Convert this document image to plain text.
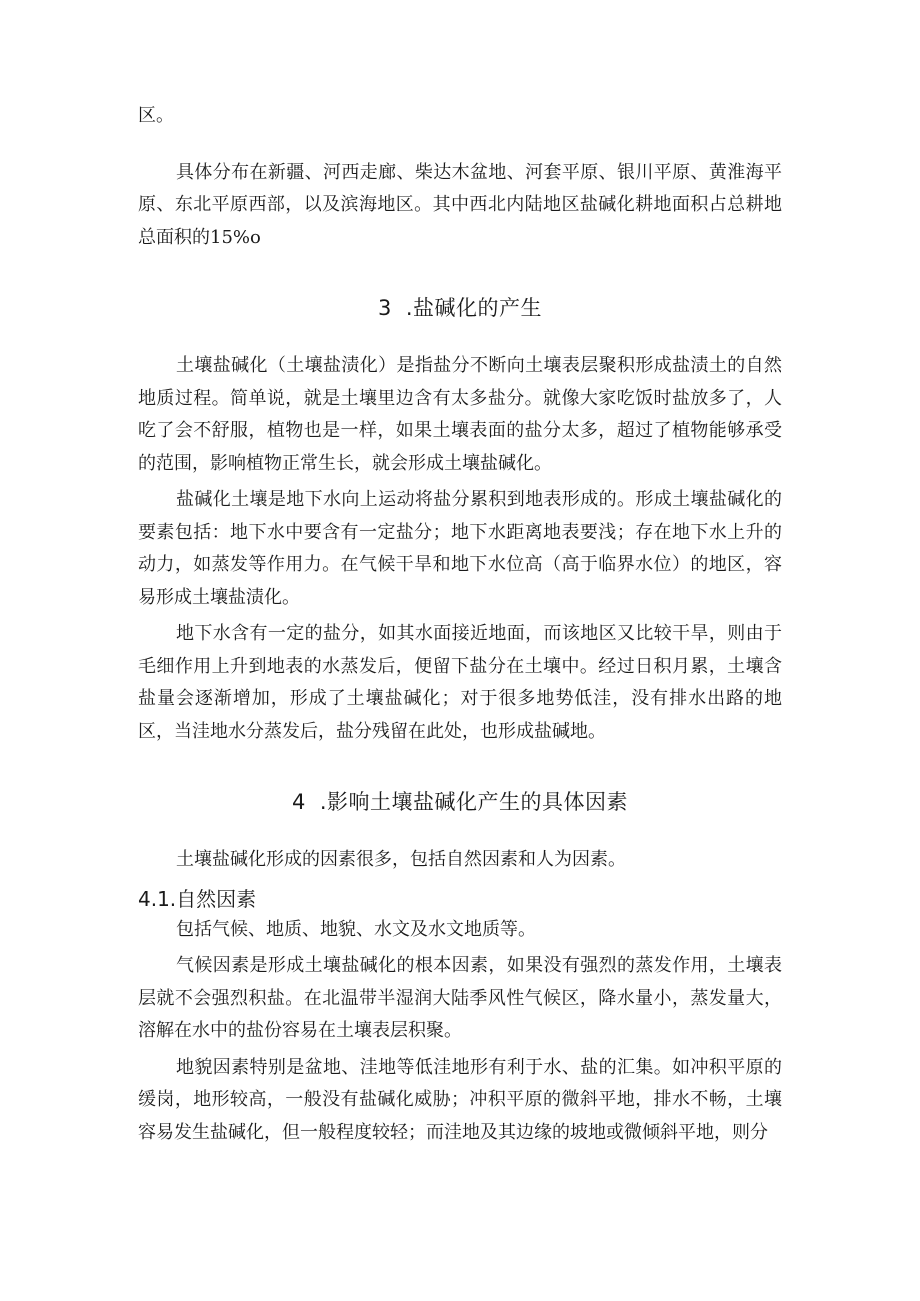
区。

具体分布在新疆、河西走廊、柴达木盆地、河套平原、银川平原、黄淮海平原、东北平原西部，以及滨海地区。其中西北内陆地区盐碱化耕地面积占总耕地总面积的15%o

3 .盐碱化的产生

土壤盐碱化（土壤盐渍化）是指盐分不断向土壤表层聚积形成盐渍土的自然地质过程。简单说，就是土壤里边含有太多盐分。就像大家吃饭时盐放多了，人吃了会不舒服，植物也是一样，如果土壤表面的盐分太多，超过了植物能够承受的范围，影响植物正常生长，就会形成土壤盐碱化。

盐碱化土壤是地下水向上运动将盐分累积到地表形成的。形成土壤盐碱化的要素包括：地下水中要含有一定盐分；地下水距离地表要浅；存在地下水上升的动力，如蒸发等作用力。在气候干旱和地下水位高（高于临界水位）的地区，容易形成土壤盐渍化。

地下水含有一定的盐分，如其水面接近地面，而该地区又比较干旱，则由于毛细作用上升到地表的水蒸发后，便留下盐分在土壤中。经过日积月累，土壤含盐量会逐渐增加，形成了土壤盐碱化；对于很多地势低洼，没有排水出路的地区，当洼地水分蒸发后，盐分残留在此处，也形成盐碱地。

4 .影响土壤盐碱化产生的具体因素

土壤盐碱化形成的因素很多，包括自然因素和人为因素。

4.1.自然因素

包括气候、地质、地貌、水文及水文地质等。

气候因素是形成土壤盐碱化的根本因素，如果没有强烈的蒸发作用，土壤表层就不会强烈积盐。在北温带半湿润大陆季风性气候区，降水量小，蒸发量大，溶解在水中的盐份容易在土壤表层积聚。

地貌因素特别是盆地、洼地等低洼地形有利于水、盐的汇集。如冲积平原的缓岗，地形较高，一般没有盐碱化威胁；冲积平原的微斜平地，排水不畅，土壤容易发生盐碱化，但一般程度较轻；而洼地及其边缘的坡地或微倾斜平地，则分
